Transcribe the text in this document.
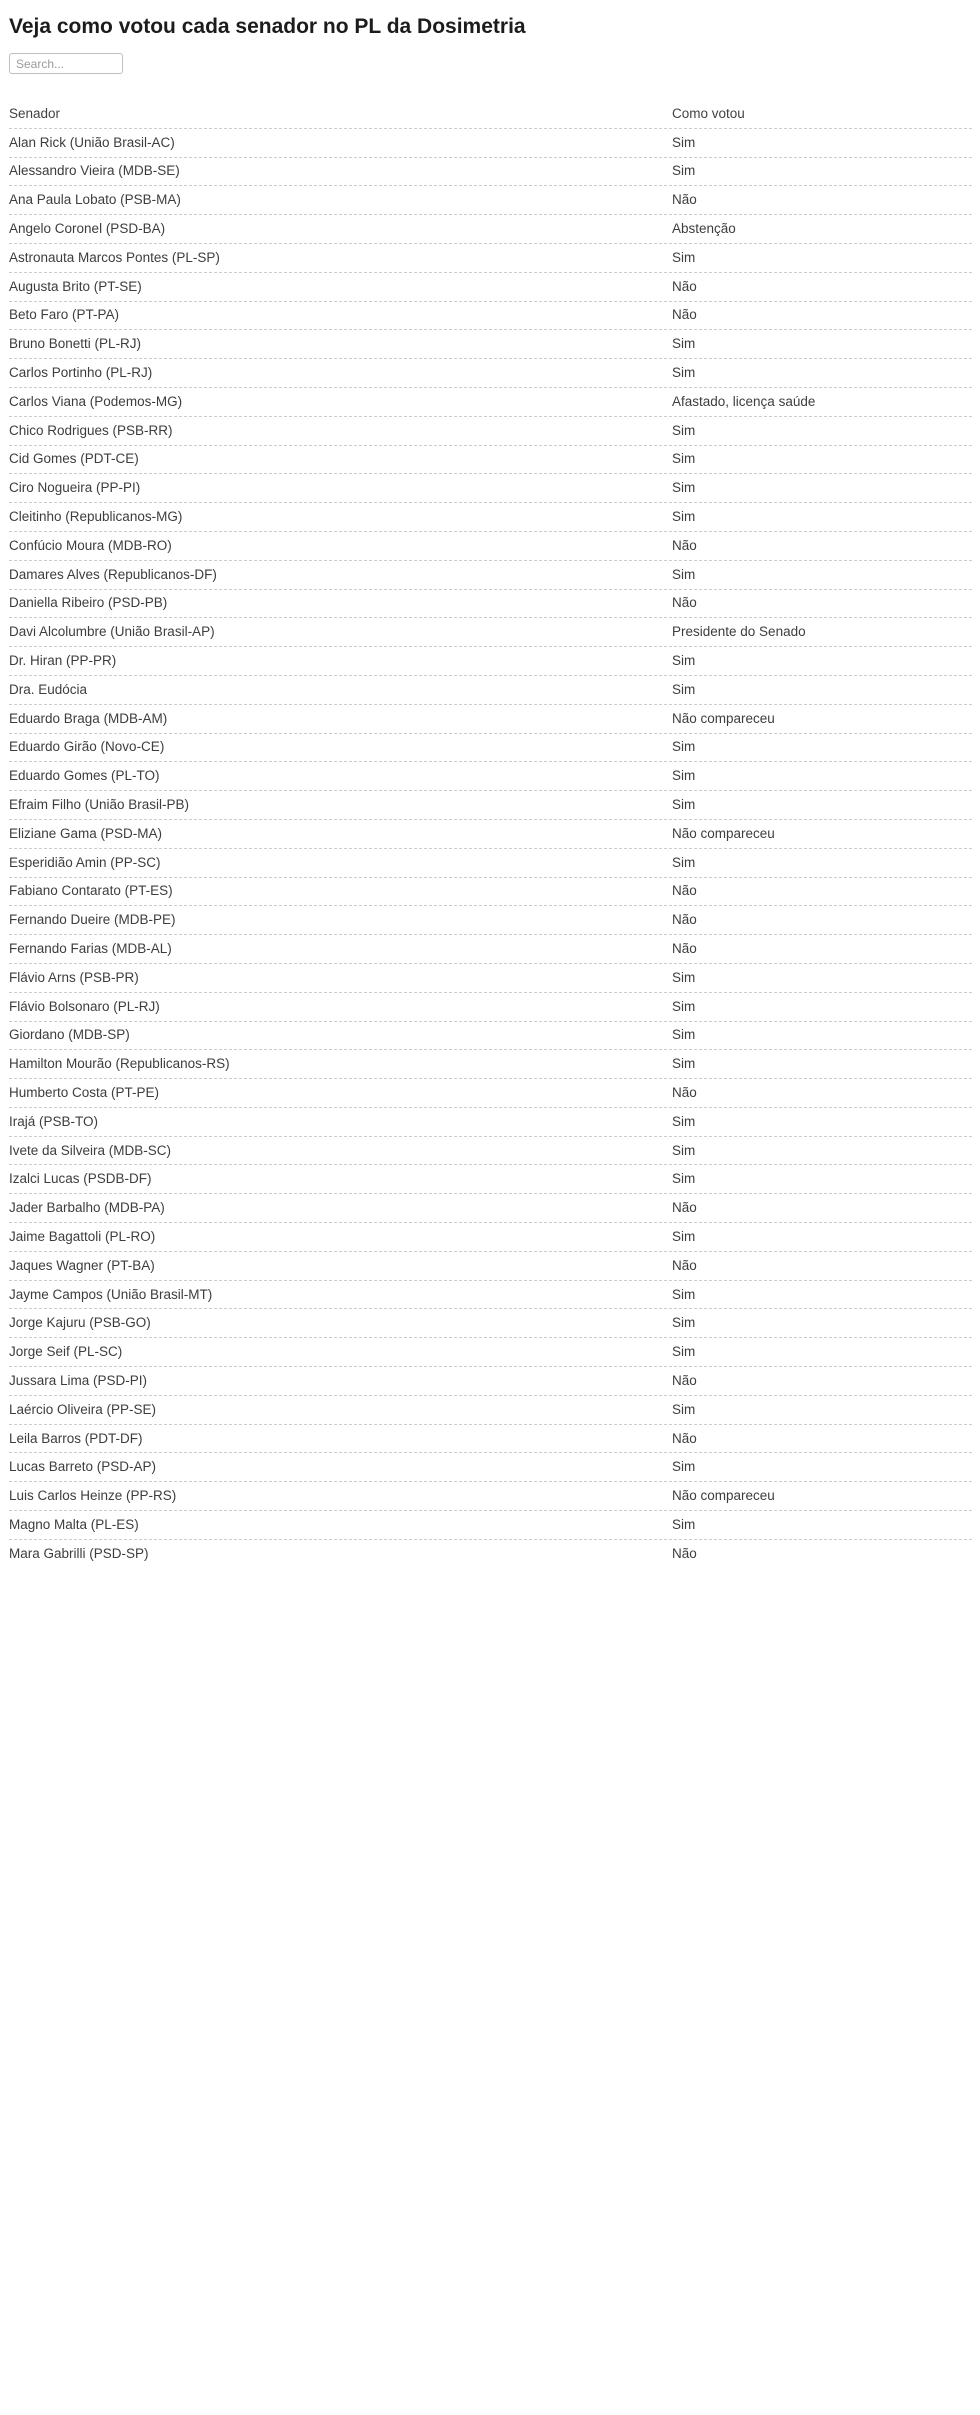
Veja como votou cada senador no PL da Dosimetria
Search...
Senador	Como votou
Alan Rick (União Brasil-AC)	Sim
Alessandro Vieira (MDB-SE)	Sim
Ana Paula Lobato (PSB-MA)	Não
Angelo Coronel (PSD-BA)	Abstenção
Astronauta Marcos Pontes (PL-SP)	Sim
Augusta Brito (PT-SE)	Não
Beto Faro (PT-PA)	Não
Bruno Bonetti (PL-RJ)	Sim
Carlos Portinho (PL-RJ)	Sim
Carlos Viana (Podemos-MG)	Afastado, licença saúde
Chico Rodrigues (PSB-RR)	Sim
Cid Gomes (PDT-CE)	Sim
Ciro Nogueira (PP-PI)	Sim
Cleitinho (Republicanos-MG)	Sim
Confúcio Moura (MDB-RO)	Não
Damares Alves (Republicanos-DF)	Sim
Daniella Ribeiro (PSD-PB)	Não
Davi Alcolumbre (União Brasil-AP)	Presidente do Senado
Dr. Hiran (PP-PR)	Sim
Dra. Eudócia	Sim
Eduardo Braga (MDB-AM)	Não compareceu
Eduardo Girão (Novo-CE)	Sim
Eduardo Gomes (PL-TO)	Sim
Efraim Filho (União Brasil-PB)	Sim
Eliziane Gama (PSD-MA)	Não compareceu
Esperidião Amin (PP-SC)	Sim
Fabiano Contarato (PT-ES)	Não
Fernando Dueire (MDB-PE)	Não
Fernando Farias (MDB-AL)	Não
Flávio Arns (PSB-PR)	Sim
Flávio Bolsonaro (PL-RJ)	Sim
Giordano (MDB-SP)	Sim
Hamilton Mourão (Republicanos-RS)	Sim
Humberto Costa (PT-PE)	Não
Irajá (PSB-TO)	Sim
Ivete da Silveira (MDB-SC)	Sim
Izalci Lucas (PSDB-DF)	Sim
Jader Barbalho (MDB-PA)	Não
Jaime Bagattoli (PL-RO)	Sim
Jaques Wagner (PT-BA)	Não
Jayme Campos (União Brasil-MT)	Sim
Jorge Kajuru (PSB-GO)	Sim
Jorge Seif (PL-SC)	Sim
Jussara Lima (PSD-PI)	Não
Laércio Oliveira (PP-SE)	Sim
Leila Barros (PDT-DF)	Não
Lucas Barreto (PSD-AP)	Sim
Luis Carlos Heinze (PP-RS)	Não compareceu
Magno Malta (PL-ES)	Sim
Mara Gabrilli (PSD-SP)	Não
